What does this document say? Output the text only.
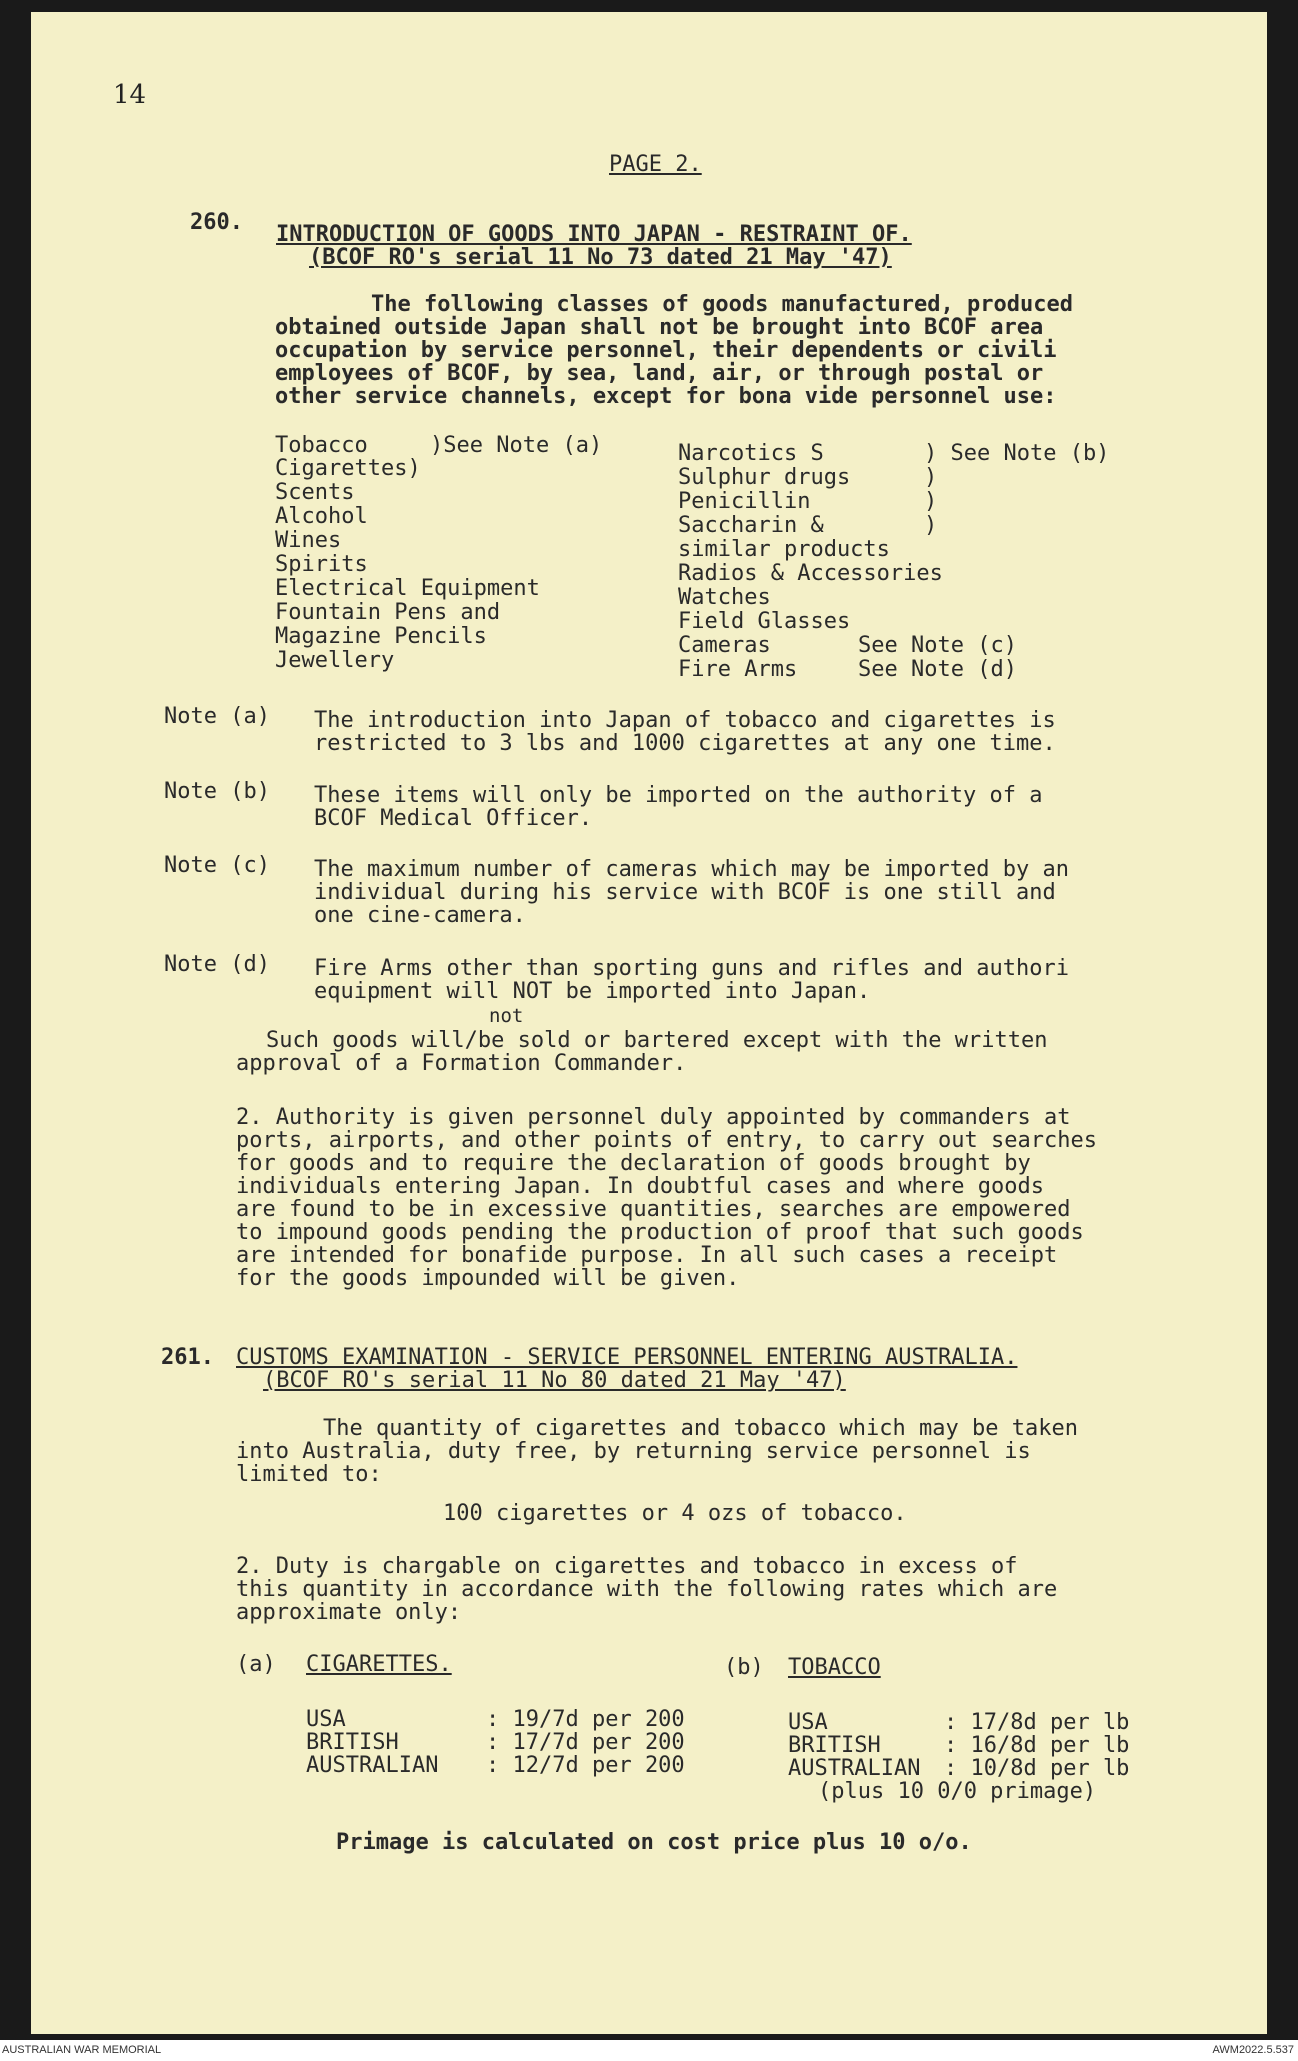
14
PAGE 2.
260. INTRODUCTION OF GOODS INTO JAPAN - RESTRAINT OF.
(BCOF RO's serial 11 No 73 dated 21 May '47)
The following classes of goods manufactured, produced
obtained outside Japan shall not be brought into BCOF area
occupation by service personnel, their dependents or civili
employees of BCOF, by sea, land, air, or through postal or
other service channels, except for bona vide personnel use:
Tobacco	)See Note (a)
Cigarettes)
Scents
Alcohol
Wines
Spirits
Electrical Equipment
Fountain Pens and
Magazine Pencils
Jewellery
Narcotics S	) See Note (b)
Sulphur drugs	)
Penicillin	)
Saccharin &	)
similar products
Radios & Accessories
Watches
Field Glasses
Cameras	See Note (c)
Fire Arms	See Note (d)
Note (a) The introduction into Japan of tobacco and cigarettes is
restricted to 3 lbs and 1000 cigarettes at any one time.
Note (b) These items will only be imported on the authority of a
BCOF Medical Officer.
Note (c) The maximum number of cameras which may be imported by an
individual during his service with BCOF is one still and
one cine-camera.
Note (d) Fire Arms other than sporting guns and rifles and authori
equipment will NOT be imported into Japan.
not
Such goods will/be sold or bartered except with the written
approval of a Formation Commander.
2. Authority is given personnel duly appointed by commanders at
ports, airports, and other points of entry, to carry out searches
for goods and to require the declaration of goods brought by
individuals entering Japan. In doubtful cases and where goods
are found to be in excessive quantities, searches are empowered
to impound goods pending the production of proof that such goods
are intended for bonafide purpose. In all such cases a receipt
for the goods impounded will be given.
261. CUSTOMS EXAMINATION - SERVICE PERSONNEL ENTERING AUSTRALIA.
(BCOF RO's serial 11 No 80 dated 21 May '47)
The quantity of cigarettes and tobacco which may be taken
into Australia, duty free, by returning service personnel is
limited to:
100 cigarettes or 4 ozs of tobacco.
2. Duty is chargable on cigarettes and tobacco in excess of
this quantity in accordance with the following rates which are
approximate only:
(a) CIGARETTES.	(b) TOBACCO
USA	: 19/7d per 200
BRITISH	: 17/7d per 200
AUSTRALIAN : 12/7d per 200
USA	: 17/8d per lb
BRITISH	: 16/8d per lb
AUSTRALIAN : 10/8d per lb
(plus 10 0/0 primage)
Primage is calculated on cost price plus 10 o/o.
AUSTRALIAN WAR MEMORIAL	AWM2022.5.537
